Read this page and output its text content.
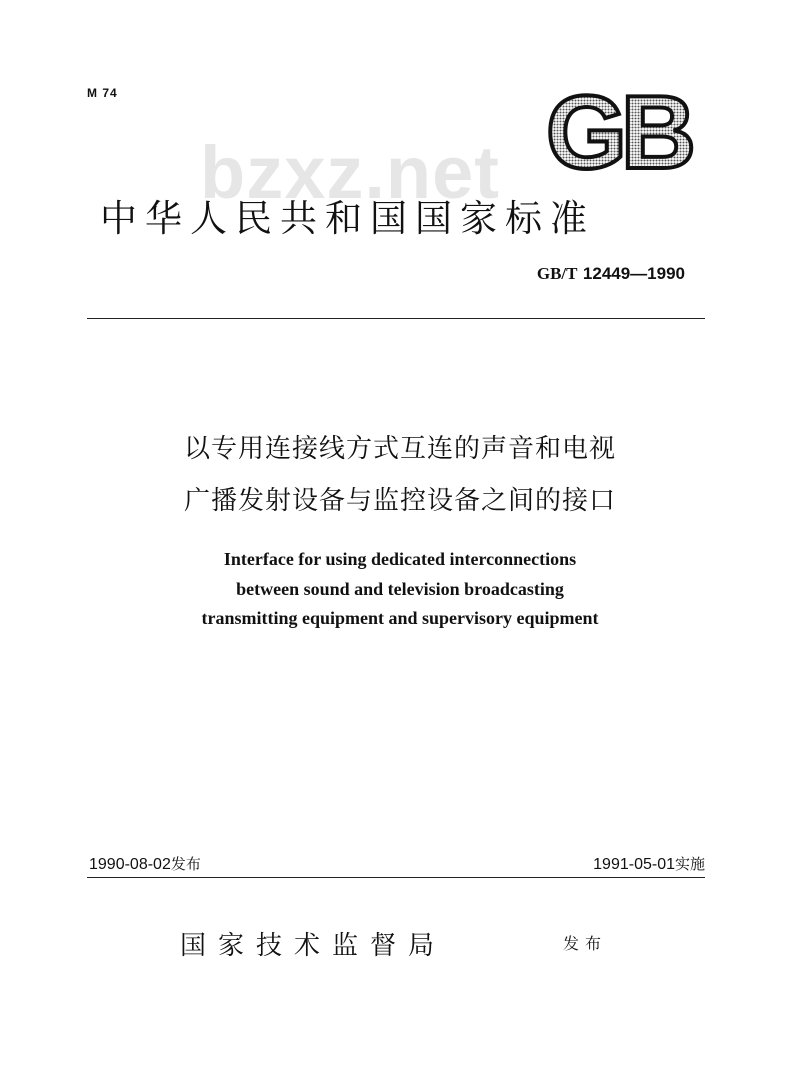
M 74	GB
bzxz.net
中华人民共和国国家标准
GB/T 12449—1990
以专用连接线方式互连的声音和电视
广播发射设备与监控设备之间的接口
Interface for using dedicated interconnections
between sound and television broadcasting
transmitting equipment and supervisory equipment
1990-08-02发布	1991-05-01实施
国家技术监督局	发布
